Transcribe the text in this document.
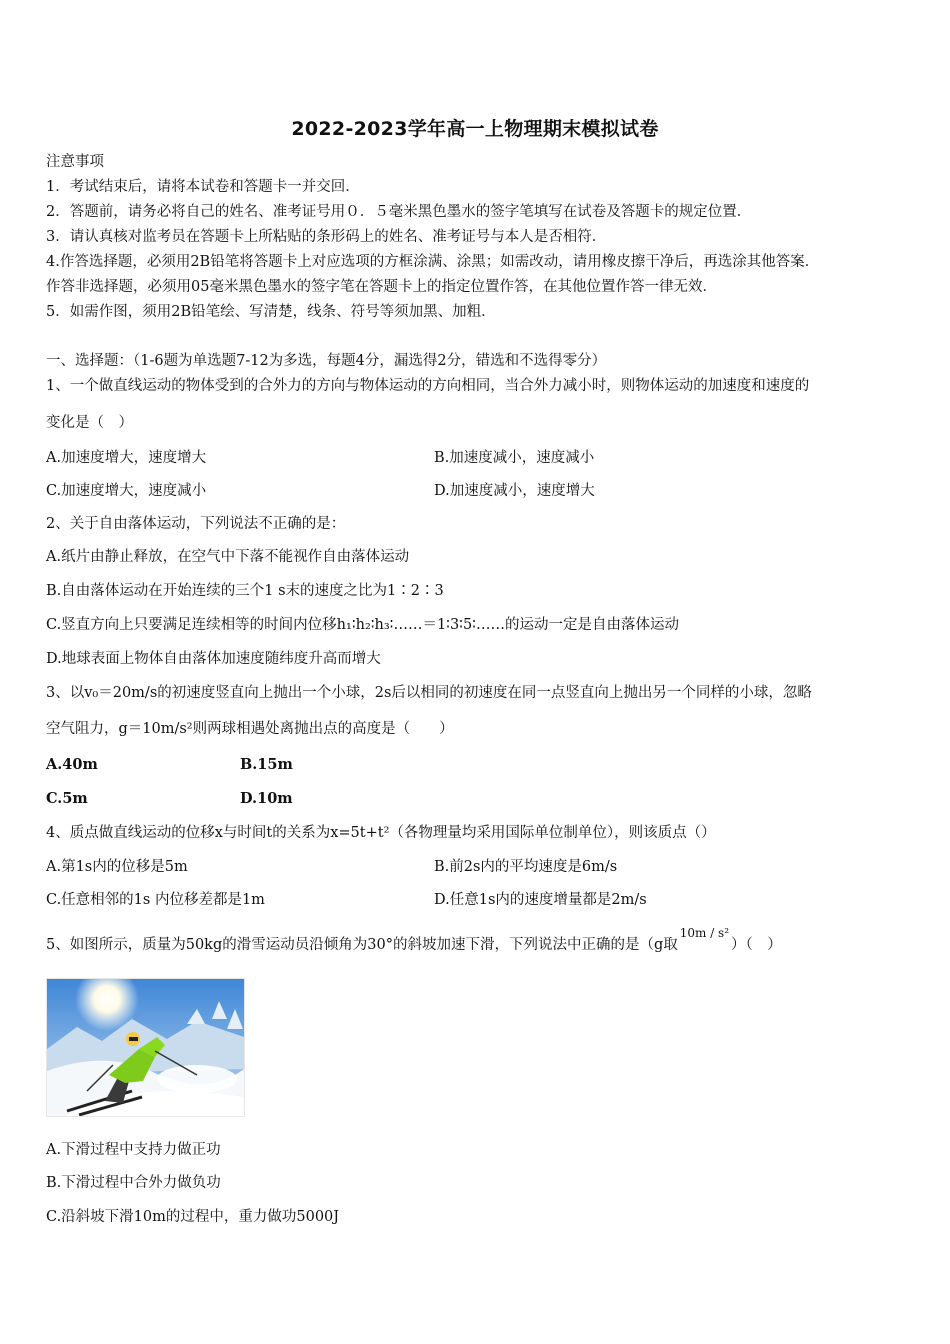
2022-2023学年高一上物理期末模拟试卷
注意事项
1．考试结束后，请将本试卷和答题卡一并交回．
2．答题前，请务必将自己的姓名、准考证号用０．５毫米黑色墨水的签字笔填写在试卷及答题卡的规定位置．
3．请认真核对监考员在答题卡上所粘贴的条形码上的姓名、准考证号与本人是否相符．
4.作答选择题，必须用2B铅笔将答题卡上对应选项的方框涂满、涂黑；如需改动，请用橡皮擦干净后，再选涂其他答案．
作答非选择题，必须用05毫米黑色墨水的签字笔在答题卡上的指定位置作答，在其他位置作答一律无效．
5．如需作图，须用2B铅笔绘、写清楚，线条、符号等须加黑、加粗．
一、选择题：（1-6题为单选题7-12为多选，每题4分，漏选得2分，错选和不选得零分）
1、一个做直线运动的物体受到的合外力的方向与物体运动的方向相同，当合外力减小时，则物体运动的加速度和速度的
变化是（　）
A.加速度增大，速度增大	B.加速度减小，速度减小
C.加速度增大，速度减小	D.加速度减小，速度增大
2、关于自由落体运动，下列说法不正确的是：
A.纸片由静止释放，在空气中下落不能视作自由落体运动
B.自由落体运动在开始连续的三个1 s末的速度之比为1∶2∶3
C.竖直方向上只要满足连续相等的时间内位移h₁∶h₂∶h₃∶……＝1∶3∶5∶……的运动一定是自由落体运动
D.地球表面上物体自由落体加速度随纬度升高而增大
3、以v₀＝20m/s的初速度竖直向上抛出一个小球，2s后以相同的初速度在同一点竖直向上抛出另一个同样的小球，忽略
空气阻力，g＝10m/s²则两球相遇处离抛出点的高度是（　　）
A.40m	B.15m
C.5m	D.10m
4、质点做直线运动的位移x与时间t的关系为x=5t+t²（各物理量均采用国际单位制单位），则该质点（）
A.第1s内的位移是5m	B.前2s内的平均速度是6m/s
C.任意相邻的1s 内位移差都是1m	D.任意1s内的速度增量都是2m/s
5、如图所示，质量为50kg的滑雪运动员沿倾角为30°的斜坡加速下滑，下列说法中正确的是（g取$^{10m / s^2}$）（　）
A.下滑过程中支持力做正功
B.下滑过程中合外力做负功
C.沿斜坡下滑10m的过程中，重力做功5000J
